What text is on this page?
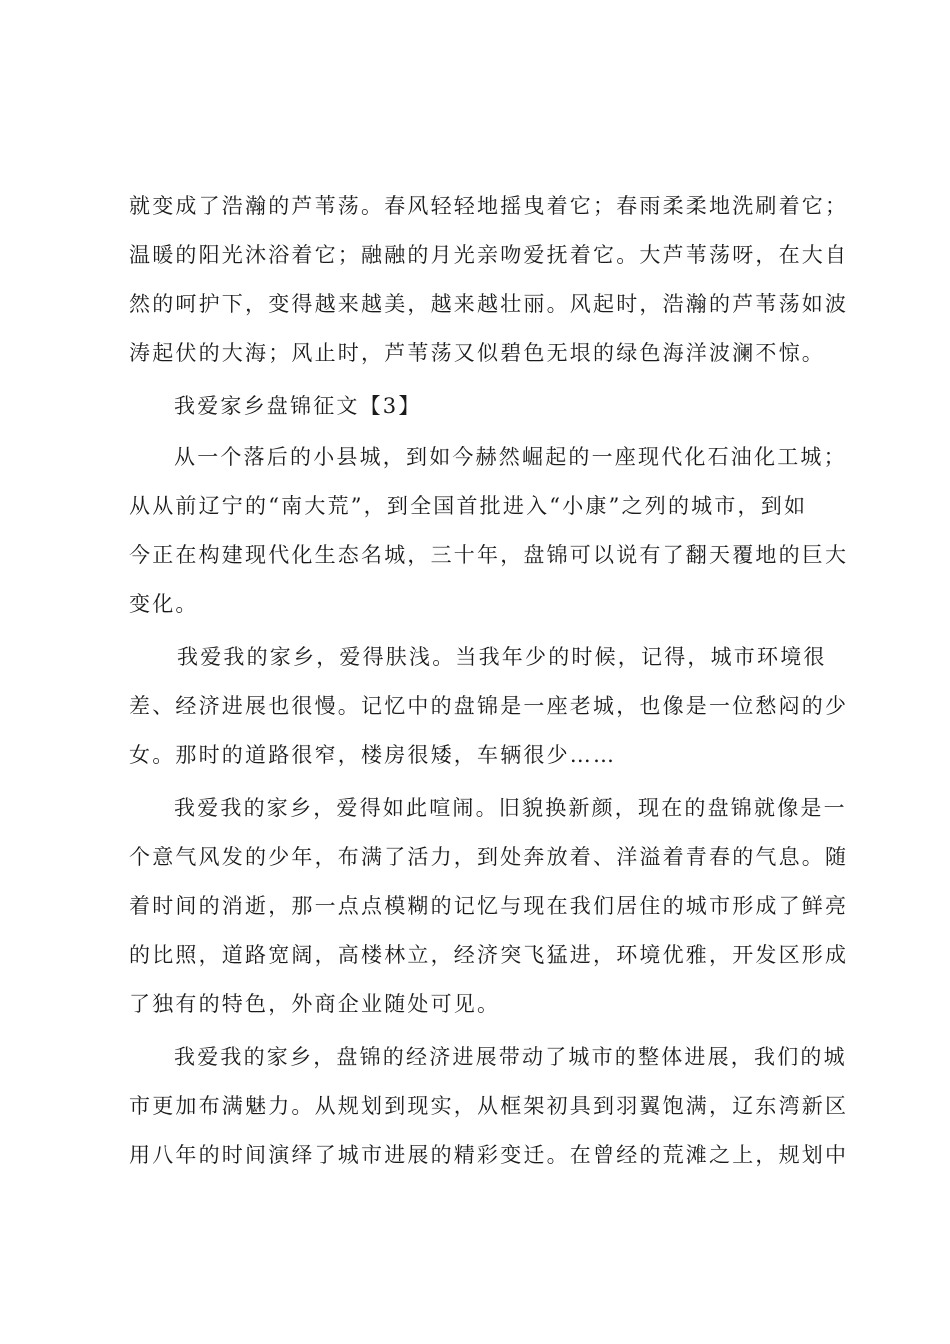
就变成了浩瀚的芦苇荡。春风轻轻地摇曳着它；春雨柔柔地洗刷着它；
温暖的阳光沐浴着它；融融的月光亲吻爱抚着它。大芦苇荡呀，在大自
然的呵护下，变得越来越美，越来越壮丽。风起时，浩瀚的芦苇荡如波
涛起伏的大海；风止时，芦苇荡又似碧色无垠的绿色海洋波澜不惊。
我爱家乡盘锦征文【3】
从一个落后的小县城，到如今赫然崛起的一座现代化石油化工城；
从从前辽宁的“南大荒”，到全国首批进入“小康”之列的城市，到如
今正在构建现代化生态名城，三十年，盘锦可以说有了翻天覆地的巨大
变化。
我爱我的家乡，爱得肤浅。当我年少的时候，记得，城市环境很
差、经济进展也很慢。记忆中的盘锦是一座老城，也像是一位愁闷的少
女。那时的道路很窄，楼房很矮，车辆很少……
我爱我的家乡，爱得如此喧闹。旧貌换新颜，现在的盘锦就像是一
个意气风发的少年，布满了活力，到处奔放着、洋溢着青春的气息。随
着时间的消逝，那一点点模糊的记忆与现在我们居住的城市形成了鲜亮
的比照，道路宽阔，高楼林立，经济突飞猛进，环境优雅，开发区形成
了独有的特色，外商企业随处可见。
我爱我的家乡，盘锦的经济进展带动了城市的整体进展，我们的城
市更加布满魅力。从规划到现实，从框架初具到羽翼饱满，辽东湾新区
用八年的时间演绎了城市进展的精彩变迁。在曾经的荒滩之上，规划中
